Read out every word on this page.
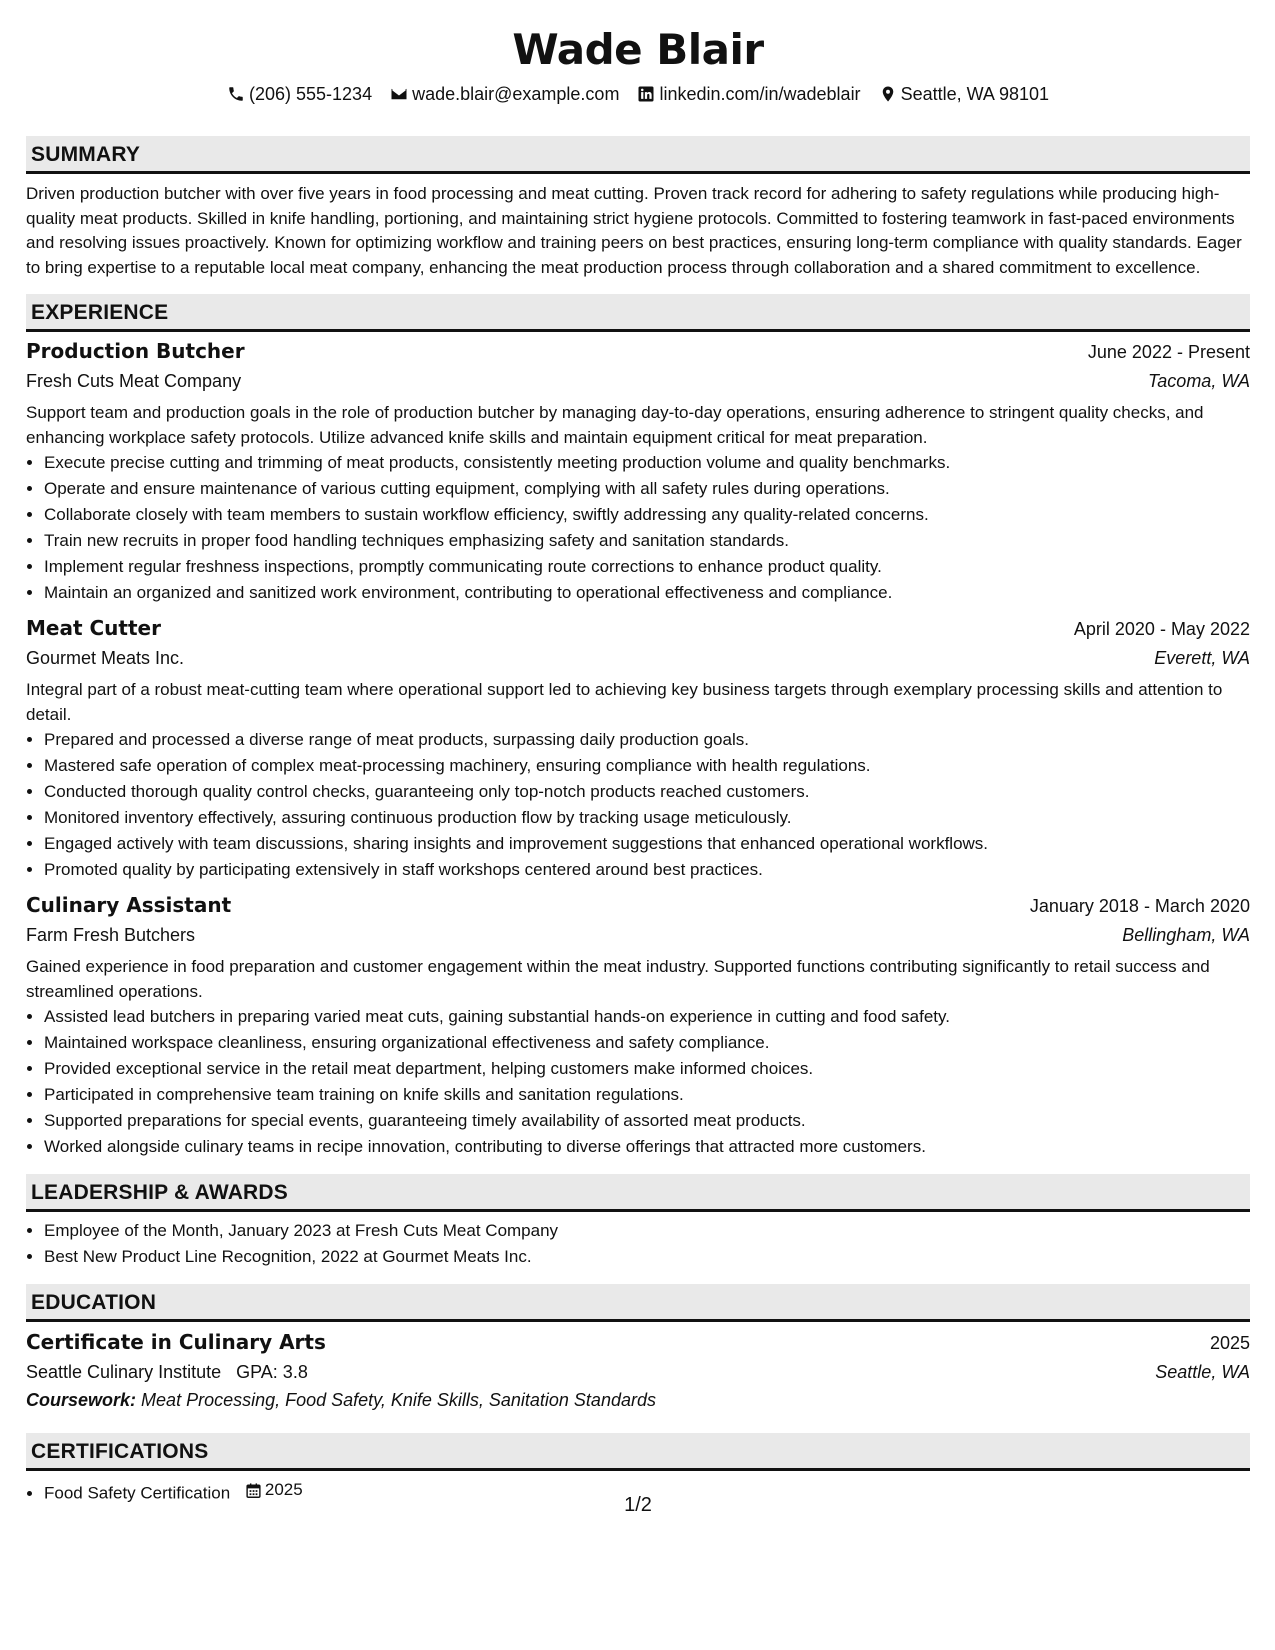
Wade Blair
(206) 555-1234 wade.blair@example.com linkedin.com/in/wadeblair Seattle, WA 98101
SUMMARY

Driven production butcher with over five years in food processing and meat cutting. Proven track record for adhering to safety regulations while producing high-quality meat products. Skilled in knife handling, portioning, and maintaining strict hygiene protocols. Committed to fostering teamwork in fast-paced environments and resolving issues proactively. Known for optimizing workflow and training peers on best practices, ensuring long-term compliance with quality standards. Eager to bring expertise to a reputable local meat company, enhancing the meat production process through collaboration and a shared commitment to excellence.

EXPERIENCE
Production Butcher	June 2022 - Present
Fresh Cuts Meat Company	Tacoma, WA

Support team and production goals in the role of production butcher by managing day-to-day operations, ensuring adherence to stringent quality checks, and enhancing workplace safety protocols. Utilize advanced knife skills and maintain equipment critical for meat preparation.

• Execute precise cutting and trimming of meat products, consistently meeting production volume and quality benchmarks.
• Operate and ensure maintenance of various cutting equipment, complying with all safety rules during operations.
• Collaborate closely with team members to sustain workflow efficiency, swiftly addressing any quality-related concerns.
• Train new recruits in proper food handling techniques emphasizing safety and sanitation standards.
• Implement regular freshness inspections, promptly communicating route corrections to enhance product quality.
• Maintain an organized and sanitized work environment, contributing to operational effectiveness and compliance.
Meat Cutter	April 2020 - May 2022
Gourmet Meats Inc.	Everett, WA

Integral part of a robust meat-cutting team where operational support led to achieving key business targets through exemplary processing skills and attention to detail.

• Prepared and processed a diverse range of meat products, surpassing daily production goals.
• Mastered safe operation of complex meat-processing machinery, ensuring compliance with health regulations.
• Conducted thorough quality control checks, guaranteeing only top-notch products reached customers.
• Monitored inventory effectively, assuring continuous production flow by tracking usage meticulously.
• Engaged actively with team discussions, sharing insights and improvement suggestions that enhanced operational workflows.
• Promoted quality by participating extensively in staff workshops centered around best practices.
Culinary Assistant	January 2018 - March 2020
Farm Fresh Butchers	Bellingham, WA

Gained experience in food preparation and customer engagement within the meat industry. Supported functions contributing significantly to retail success and streamlined operations.

• Assisted lead butchers in preparing varied meat cuts, gaining substantial hands-on experience in cutting and food safety.
• Maintained workspace cleanliness, ensuring organizational effectiveness and safety compliance.
• Provided exceptional service in the retail meat department, helping customers make informed choices.
• Participated in comprehensive team training on knife skills and sanitation regulations.
• Supported preparations for special events, guaranteeing timely availability of assorted meat products.
• Worked alongside culinary teams in recipe innovation, contributing to diverse offerings that attracted more customers.
LEADERSHIP & AWARDS
• Employee of the Month, January 2023 at Fresh Cuts Meat Company
• Best New Product Line Recognition, 2022 at Gourmet Meats Inc.
EDUCATION
Certificate in Culinary Arts	2025
Seattle Culinary Institute GPA: 3.8	Seattle, WA
Coursework: Meat Processing, Food Safety, Knife Skills, Sanitation Standards
CERTIFICATIONS
• Food Safety Certification 2025
1/2
